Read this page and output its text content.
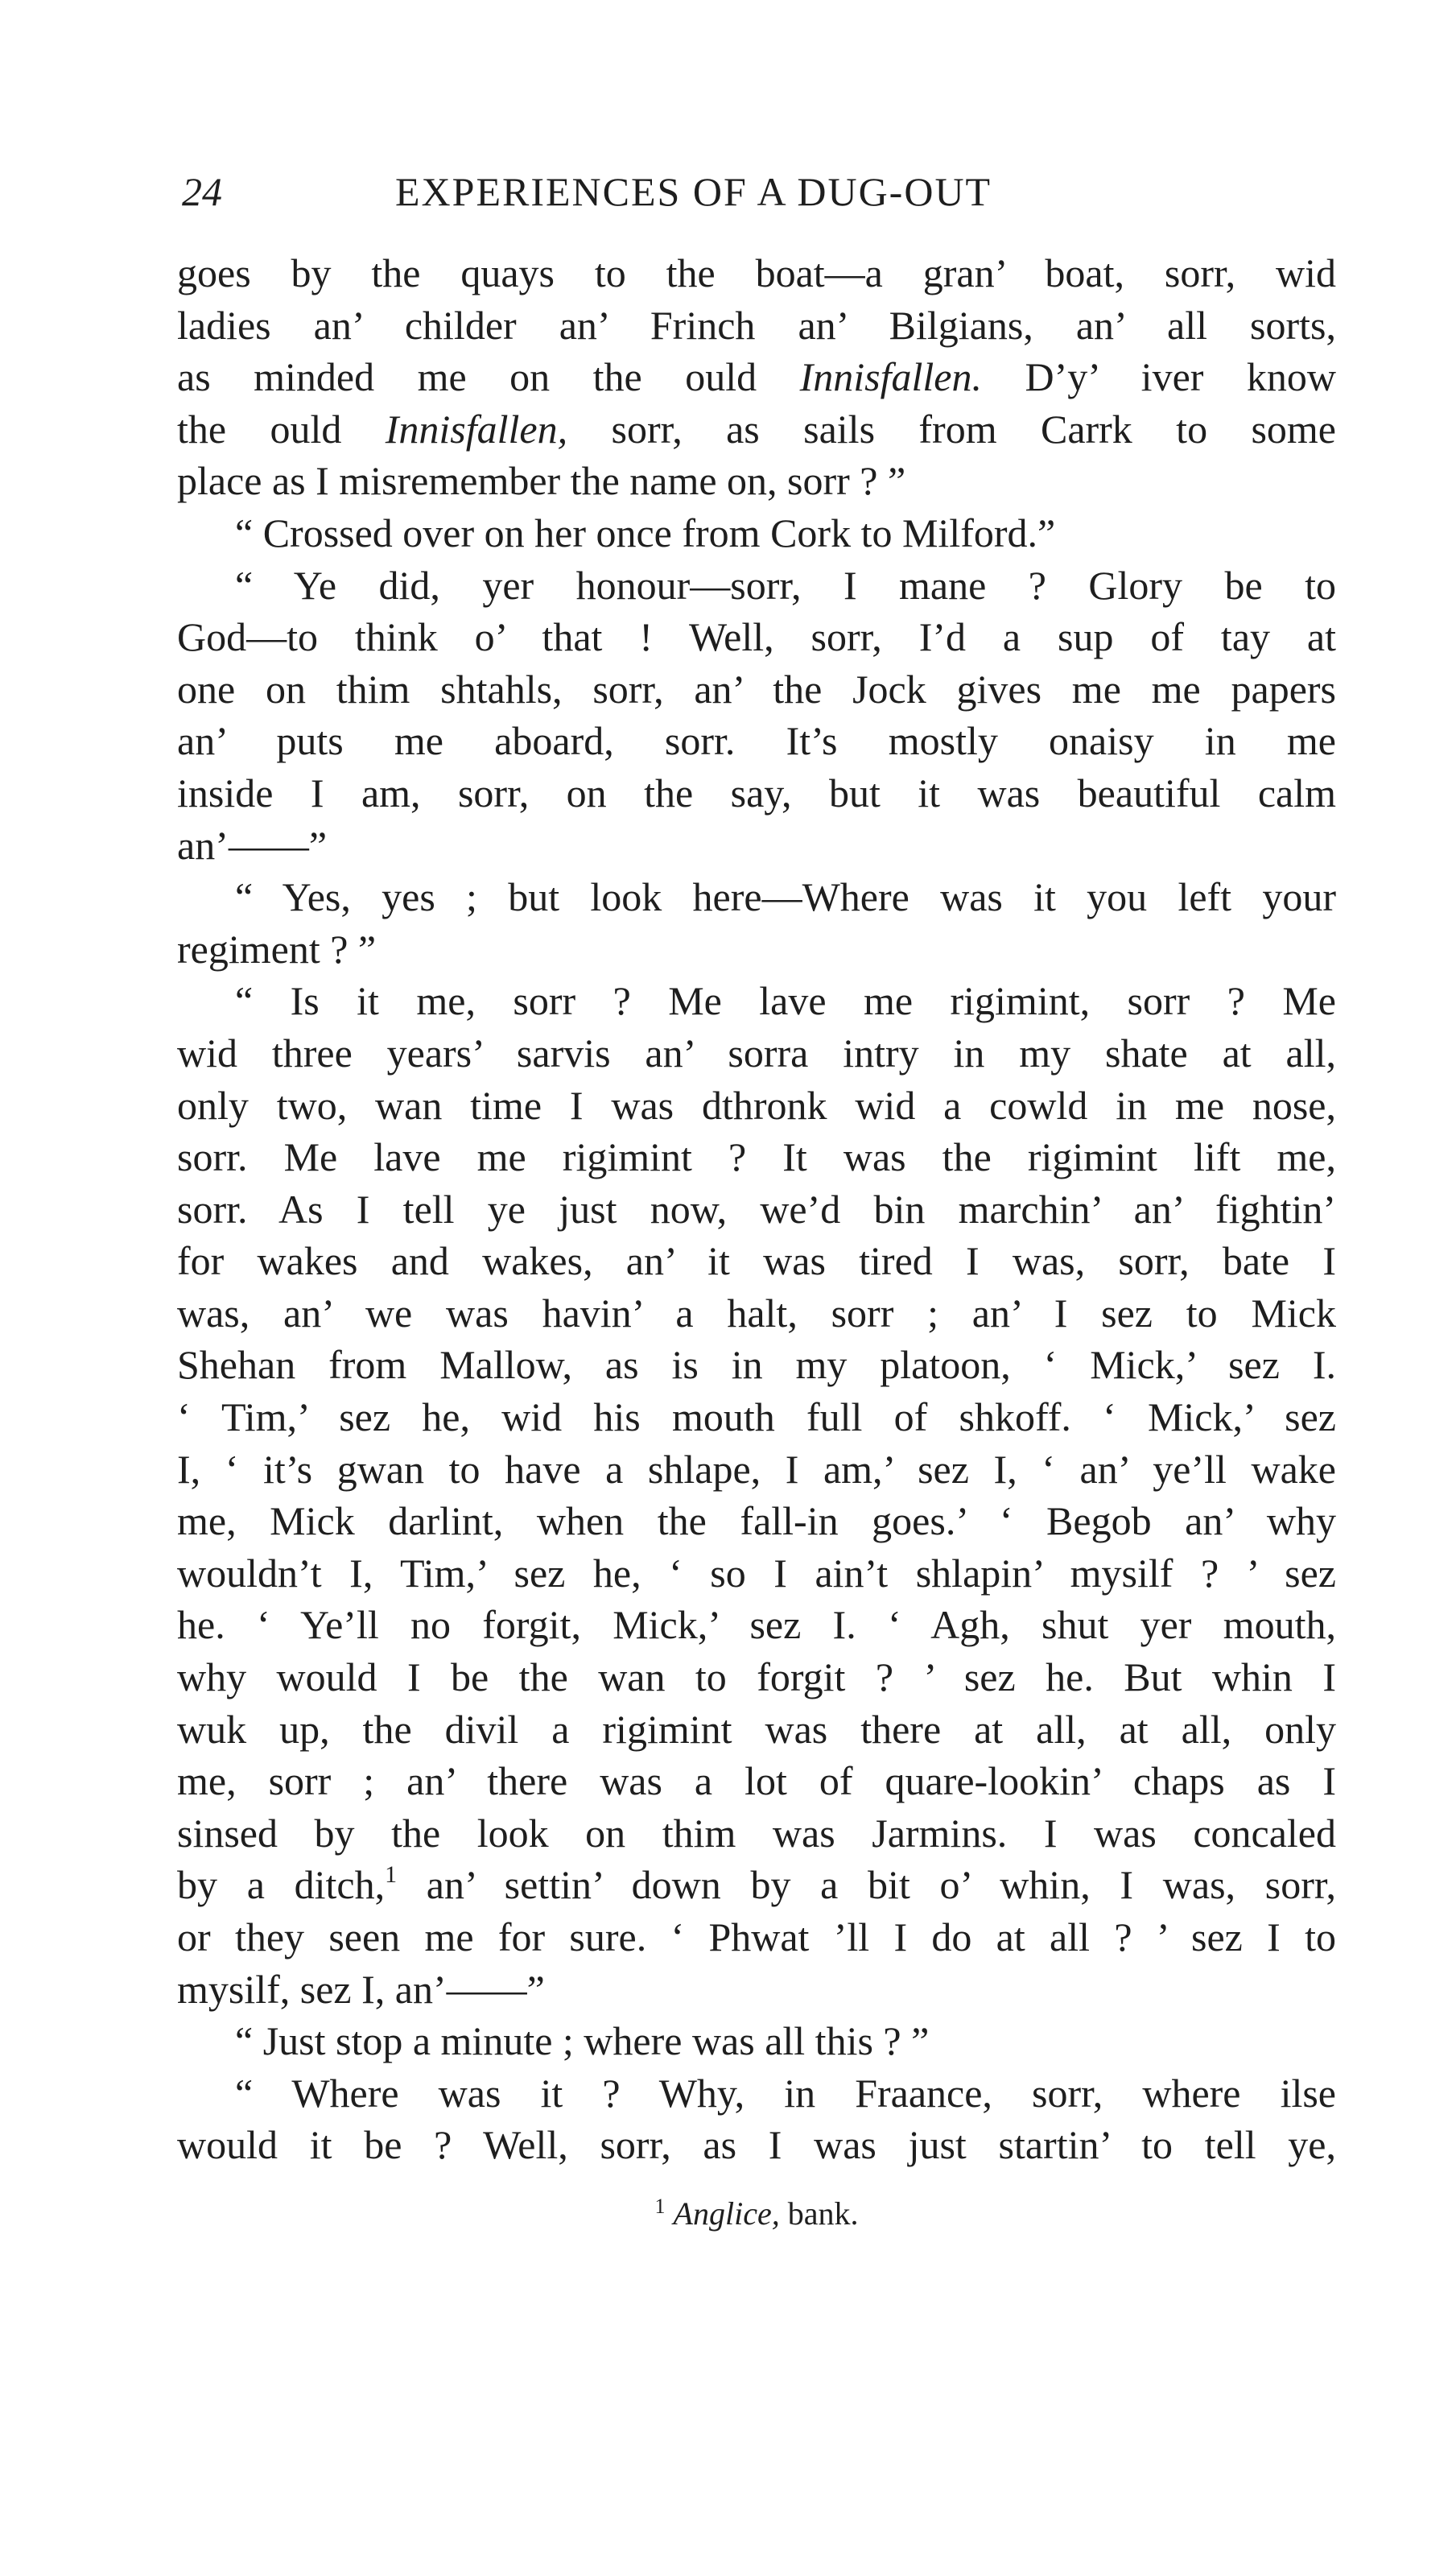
24	EXPERIENCES OF A DUG-OUT
goes by the quays to the boat—a gran’ boat, sorr, wid
ladies an’ childer an’ Frinch an’ Bilgians, an’ all sorts,
as minded me on the ould Innisfallen. D’y’ iver know
the ould Innisfallen, sorr, as sails from Carrk to some
place as I misremember the name on, sorr ? ”
“ Crossed over on her once from Cork to Milford.”
“ Ye did, yer honour—sorr, I mane ? Glory be to
God—to think o’ that ! Well, sorr, I’d a sup of tay at
one on thim shtahls, sorr, an’ the Jock gives me me papers
an’ puts me aboard, sorr. It’s mostly onaisy in me
inside I am, sorr, on the say, but it was beautiful calm
an’——”
“ Yes, yes ; but look here—Where was it you left your
regiment ? ”
“ Is it me, sorr ? Me lave me rigimint, sorr ? Me
wid three years’ sarvis an’ sorra intry in my shate at all,
only two, wan time I was dthronk wid a cowld in me nose,
sorr. Me lave me rigimint ? It was the rigimint lift me,
sorr. As I tell ye just now, we’d bin marchin’ an’ fightin’
for wakes and wakes, an’ it was tired I was, sorr, bate I
was, an’ we was havin’ a halt, sorr ; an’ I sez to Mick
Shehan from Mallow, as is in my platoon, ‘ Mick,’ sez I.
‘ Tim,’ sez he, wid his mouth full of shkoff. ‘ Mick,’ sez
I, ‘ it’s gwan to have a shlape, I am,’ sez I, ‘ an’ ye’ll wake
me, Mick darlint, when the fall-in goes.’ ‘ Begob an’ why
wouldn’t I, Tim,’ sez he, ‘ so I ain’t shlapin’ mysilf ? ’ sez
he. ‘ Ye’ll no forgit, Mick,’ sez I. ‘ Agh, shut yer mouth,
why would I be the wan to forgit ? ’ sez he. But whin I
wuk up, the divil a rigimint was there at all, at all, only
me, sorr ; an’ there was a lot of quare-lookin’ chaps as I
sinsed by the look on thim was Jarmins. I was concaled
by a ditch,$^1$ an’ settin’ down by a bit o’ whin, I was, sorr,
or they seen me for sure. ‘ Phwat ’ll I do at all ? ’ sez I to
mysilf, sez I, an’——”
“ Just stop a minute ; where was all this ? ”
“ Where was it ? Why, in Fraance, sorr, where ilse
would it be ? Well, sorr, as I was just startin’ to tell ye,
$^1$ Anglice, bank.
